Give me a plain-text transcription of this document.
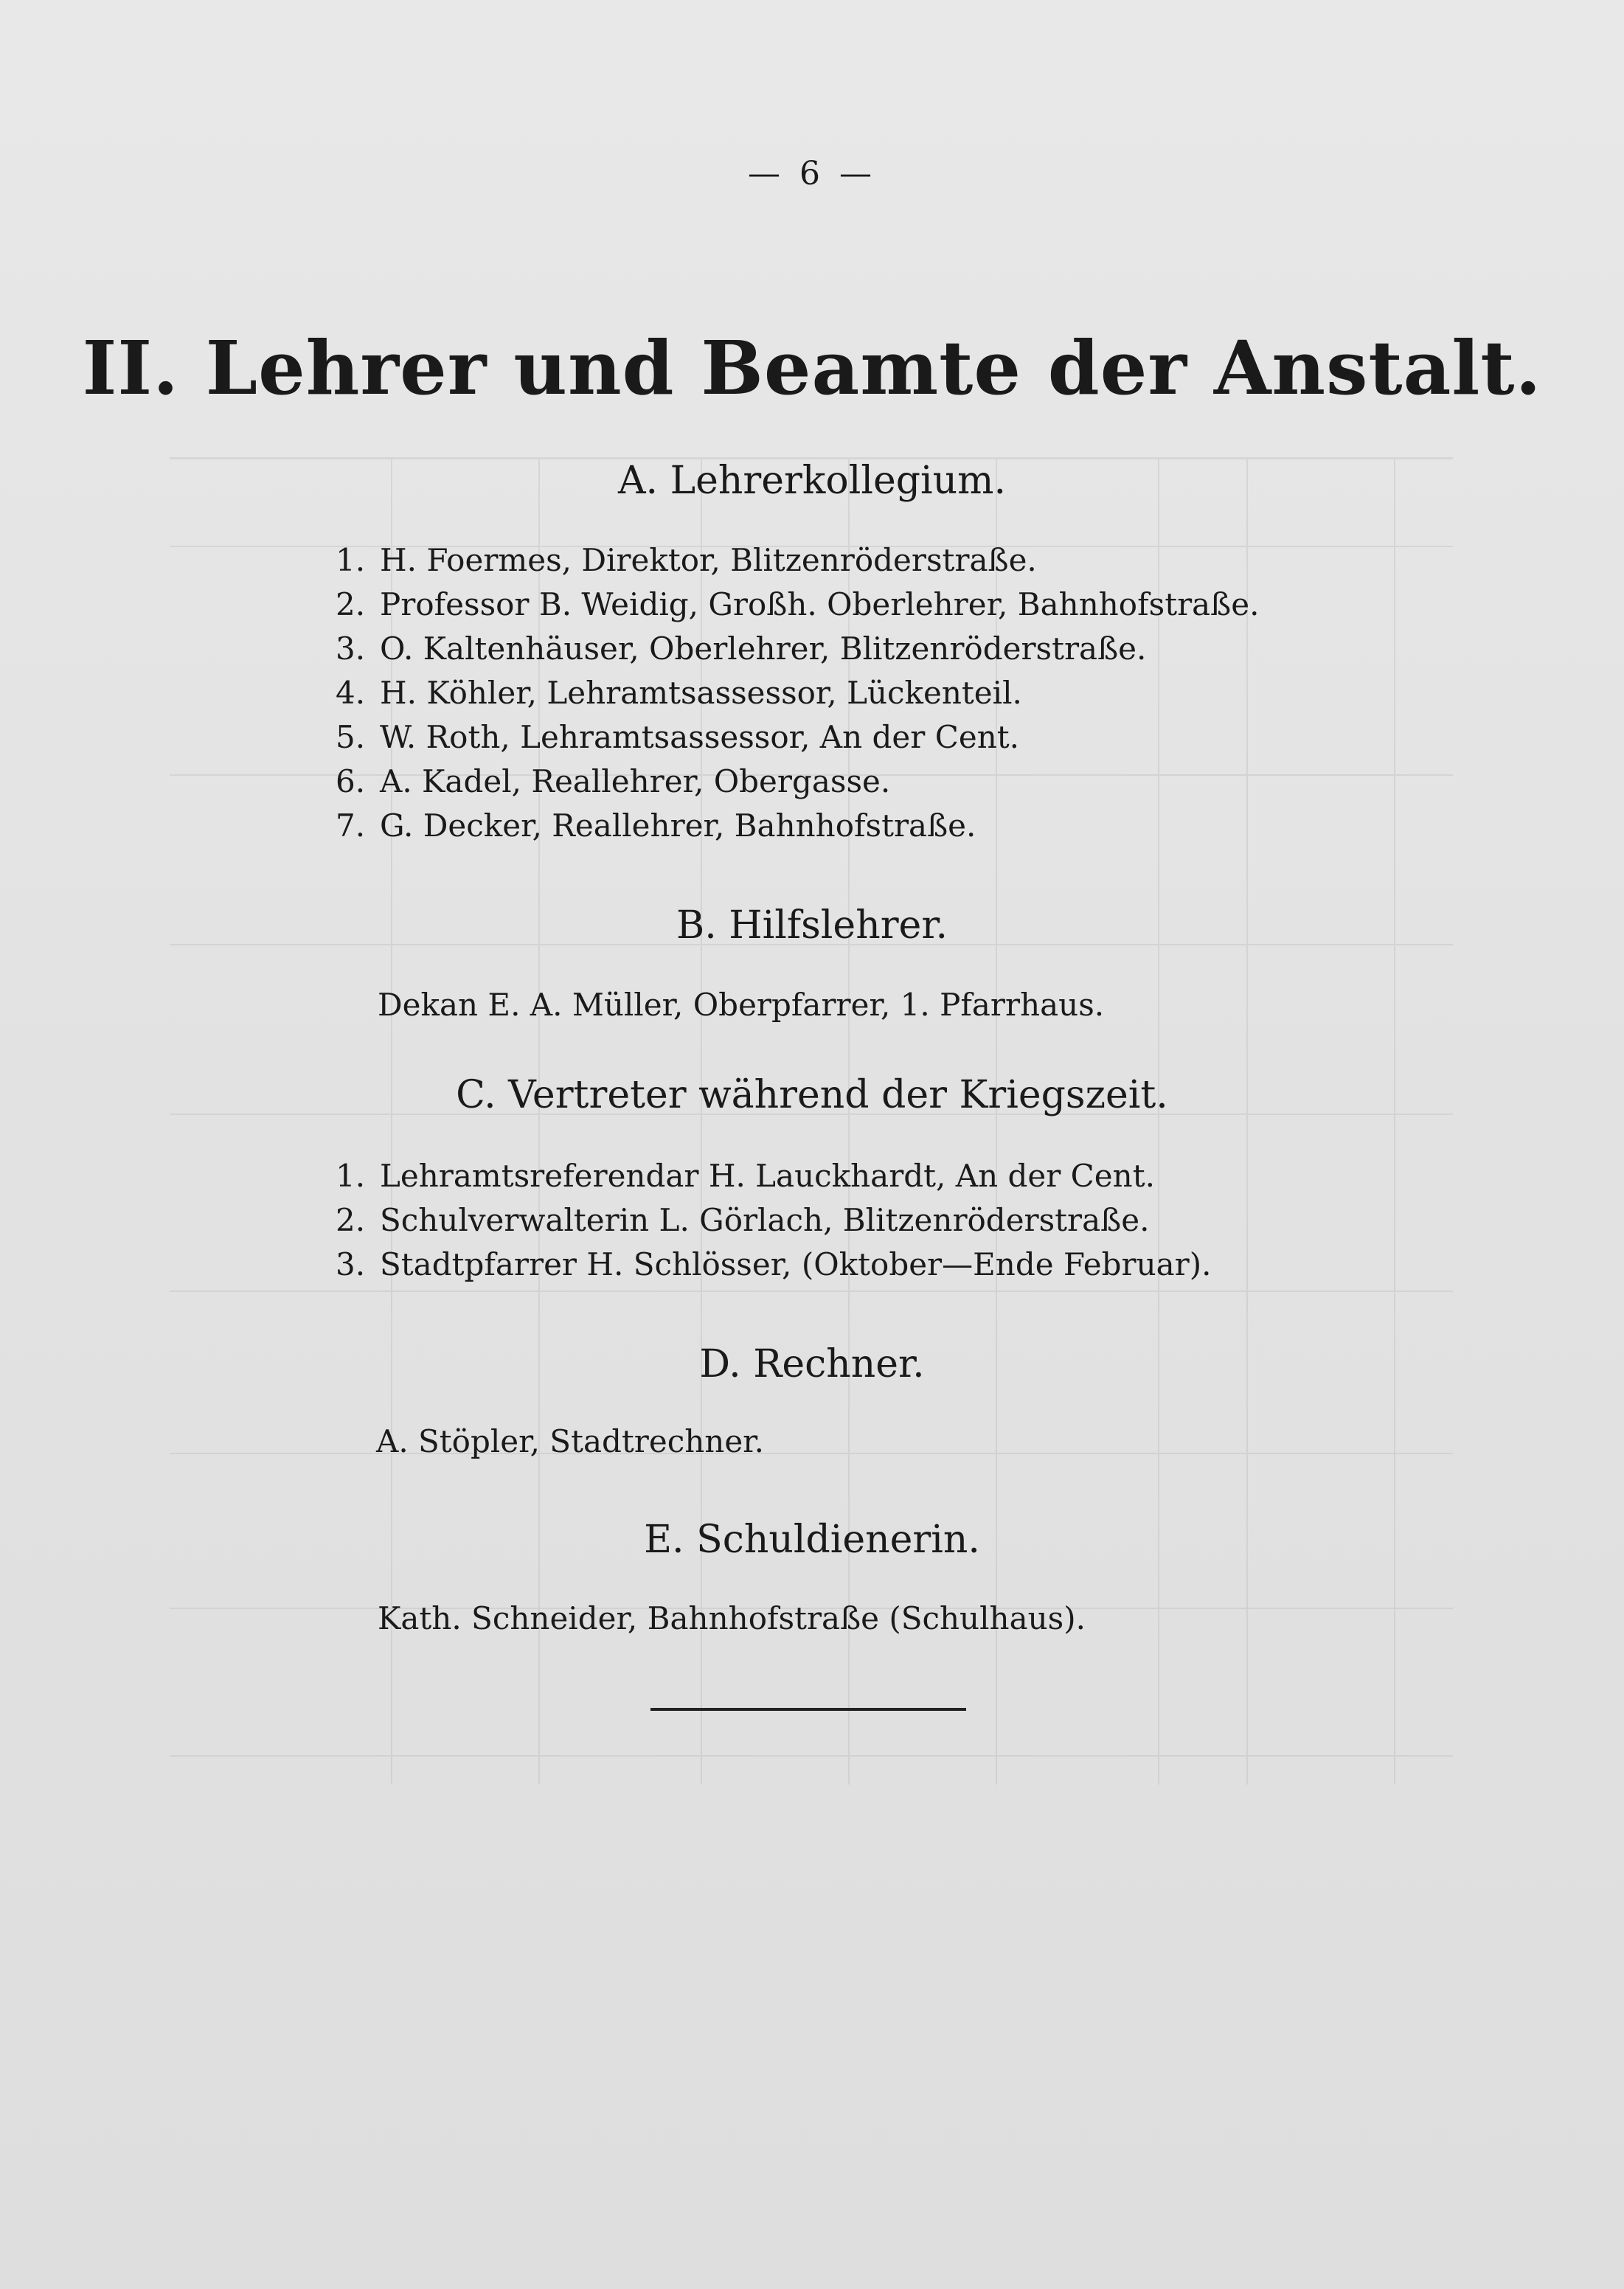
— 6 —
II. Lehrer und Beamte der Anstalt.
A. Lehrerkollegium.
1. H. Foermes, Direktor, Blitzenröderstraße.
2. Professor B. Weidig, Großh. Oberlehrer, Bahnhofstraße.
3. O. Kaltenhäuser, Oberlehrer, Blitzenröderstraße.
4. H. Köhler, Lehramtsassessor, Lückenteil.
5. W. Roth, Lehramtsassessor, An der Cent.
6. A. Kadel, Reallehrer, Obergasse.
7. G. Decker, Reallehrer, Bahnhofstraße.
B. Hilfslehrer.
Dekan E. A. Müller, Oberpfarrer, 1. Pfarrhaus.
C. Vertreter während der Kriegszeit.
1. Lehramtsreferendar H. Lauckhardt, An der Cent.
2. Schulverwalterin L. Görlach, Blitzenröderstraße.
3. Stadtpfarrer H. Schlösser, (Oktober—Ende Februar).
D. Rechner.
A. Stöpler, Stadtrechner.
E. Schuldienerin.
Kath. Schneider, Bahnhofstraße (Schulhaus).
